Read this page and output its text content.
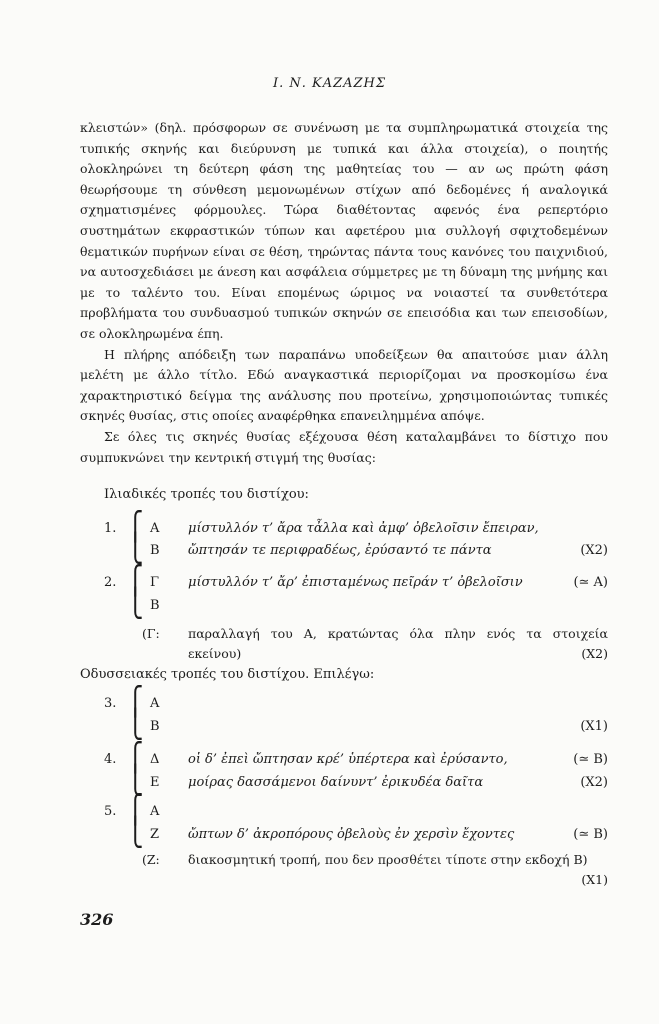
Ι. Ν. ΚΑΖΑΖΗΣ

κλειστών» (δηλ. πρόσφορων σε συνένωση με τα συμπληρωματικά στοιχεία της τυπικής σκηνής και διεύρυνση με τυπικά και άλλα στοιχεία), ο ποιητής ολοκληρώνει τη δεύτερη φάση της μαθητείας του — αν ως πρώτη φάση θεωρήσουμε τη σύνθεση μεμονωμένων στίχων από δεδομένες ή αναλογικά σχηματισμένες φόρμουλες. Τώρα διαθέτοντας αφενός ένα ρεπερτόριο συστημάτων εκφραστικών τύπων και αφετέρου μια συλλογή σφιχτοδεμένων θεματικών πυρήνων είναι σε θέση, τηρώντας πάντα τους κανόνες του παιχνιδιού, να αυτοσχεδιάσει με άνεση και ασφάλεια σύμμετρες με τη δύναμη της μνήμης και με το ταλέντο του. Είναι επομένως ώριμος να νοιαστεί τα συνθετότερα προβλήματα του συνδυασμού τυπικών σκηνών σε επεισόδια και των επεισοδίων, σε ολοκληρωμένα έπη.

Η πλήρης απόδειξη των παραπάνω υποδείξεων θα απαιτούσε μιαν άλλη μελέτη με άλλο τίτλο. Εδώ αναγκαστικά περιορίζομαι να προσκομίσω ένα χαρακτηριστικό δείγμα της ανάλυσης που προτείνω, χρησιμοποιώντας τυπικές σκηνές θυσίας, στις οποίες αναφέρθηκα επανειλημμένα απόψε.

Σε όλες τις σκηνές θυσίας εξέχουσα θέση καταλαμβάνει το δίστιχο που συμπυκνώνει την κεντρική στιγμή της θυσίας:

Ιλιαδικές τροπές του διστίχου:
1. ⎧ Α μίστυλλόν τ’ ἄρα τἆλλα καὶ ἀμφ’ ὀβελοῖσιν ἔπειραν,
⎩ Β ὤπτησάν τε περιφραδέως, ἐρύσαντό τε πάντα	(Χ2)
2. ⎧ Γ μίστυλλόν τ’ ἄρ’ ἐπισταμένως πεῖράν τ’ ὀβελοῖσιν	(≃ Α)
⎩ Β
(Γ: παραλλαγή του Α, κρατώντας όλα πλην ενός τα στοιχεία εκείνου)	(Χ2)
Οδυσσειακές τροπές του διστίχου. Επιλέγω:
3. ⎧ Α
⎩ Β	(Χ1)
4. ⎧ Δ οἱ δ’ ἐπεὶ ὤπτησαν κρέ’ ὑπέρτερα καὶ ἐρύσαντο,	(≃ Β)
⎩ Ε μοίρας δασσάμενοι δαίνυντ’ ἐρικυδέα δαῖτα	(Χ2)
5. ⎧ Α
⎩ Ζ ὤπτων δ’ ἀκροπόρους ὀβελοὺς ἐν χερσὶν ἔχοντες	(≃ Β)
(Ζ: διακοσμητική τροπή, που δεν προσθέτει τίποτε στην εκδοχή Β)
(Χ1)
326
